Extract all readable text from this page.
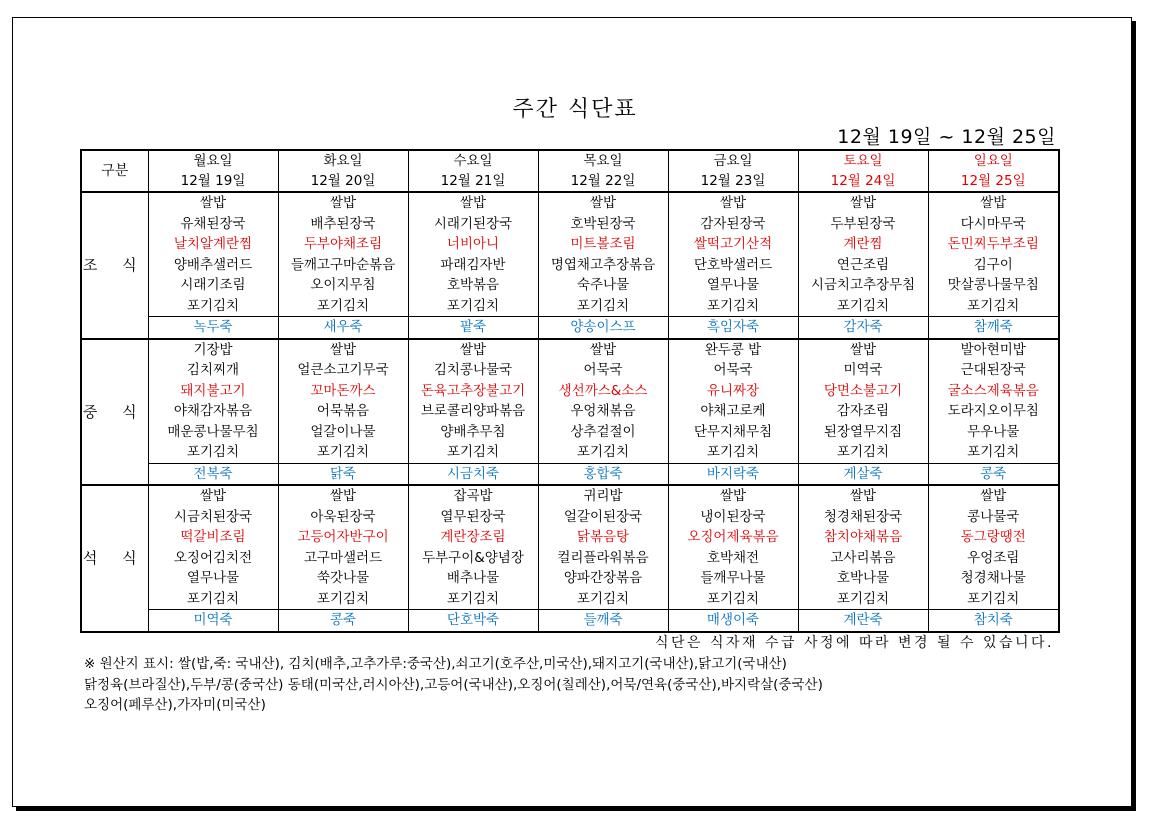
주간 식단표
12월 19일 ~ 12월 25일
구분	월요일	화요일	수요일	목요일	금요일	토요일	일요일
	12월 19일	12월 20일	12월 21일	12월 22일	12월 23일	12월 24일	12월 25일
조 식	쌀밥	쌀밥	쌀밥	쌀밥	쌀밥	쌀밥	쌀밥
	유채된장국	배추된장국	시래기된장국	호박된장국	감자된장국	두부된장국	다시마무국
	날치알계란찜	두부야채조림	너비아니	미트볼조림	쌀떡고기산적	계란찜	돈민찌두부조림
	양배추샐러드	들깨고구마순볶음	파래김자반	명엽채고추장볶음	단호박샐러드	연근조림	김구이
	시래기조림	오이지무침	호박볶음	숙주나물	열무나물	시금치고추장무침	맛살콩나물무침
	포기김치	포기김치	포기김치	포기김치	포기김치	포기김치	포기김치
	녹두죽	새우죽	팥죽	양송이스프	흑임자죽	감자죽	참깨죽
중 식	기장밥	쌀밥	쌀밥	쌀밥	완두콩 밥	쌀밥	발아현미밥
	김치찌개	얼큰소고기무국	김치콩나물국	어묵국	어묵국	미역국	근대된장국
	돼지불고기	꼬마돈까스	돈육고추장불고기	생선까스&소스	유니짜장	당면소불고기	굴소스제육볶음
	야채감자볶음	어묵볶음	브로콜리양파볶음	우엉채볶음	야채고로케	감자조림	도라지오이무침
	매운콩나물무침	얼갈이나물	양배추무침	상추겉절이	단무지채무침	된장열무지짐	무우나물
	포기김치	포기김치	포기김치	포기김치	포기김치	포기김치	포기김치
	전복죽	닭죽	시금치죽	홍합죽	바지락죽	게살죽	콩죽
석 식	쌀밥	쌀밥	잡곡밥	귀리밥	쌀밥	쌀밥	쌀밥
	시금치된장국	아욱된장국	열무된장국	얼갈이된장국	냉이된장국	청경채된장국	콩나물국
	떡갈비조림	고등어자반구이	계란장조림	닭볶음탕	오징어제육볶음	참치야채볶음	동그랑땡전
	오징어김치전	고구마샐러드	두부구이&양념장	컬리플라워볶음	호박채전	고사리볶음	우엉조림
	열무나물	쑥갓나물	배추나물	양파간장볶음	들깨무나물	호박나물	청경채나물
	포기김치	포기김치	포기김치	포기김치	포기김치	포기김치	포기김치
	미역죽	콩죽	단호박죽	들깨죽	매생이죽	계란죽	참치죽
식단은 식자재 수급 사정에 따라 변경 될 수 있습니다.
※ 원산지 표시: 쌀(밥,죽: 국내산), 김치(배추,고추가루:중국산),쇠고기(호주산,미국산),돼지고기(국내산),닭고기(국내산)
닭정육(브라질산),두부/콩(중국산) 동태(미국산,러시아산),고등어(국내산),오징어(칠레산),어묵/연육(중국산),바지락살(중국산)
오징어(페루산),가자미(미국산)
